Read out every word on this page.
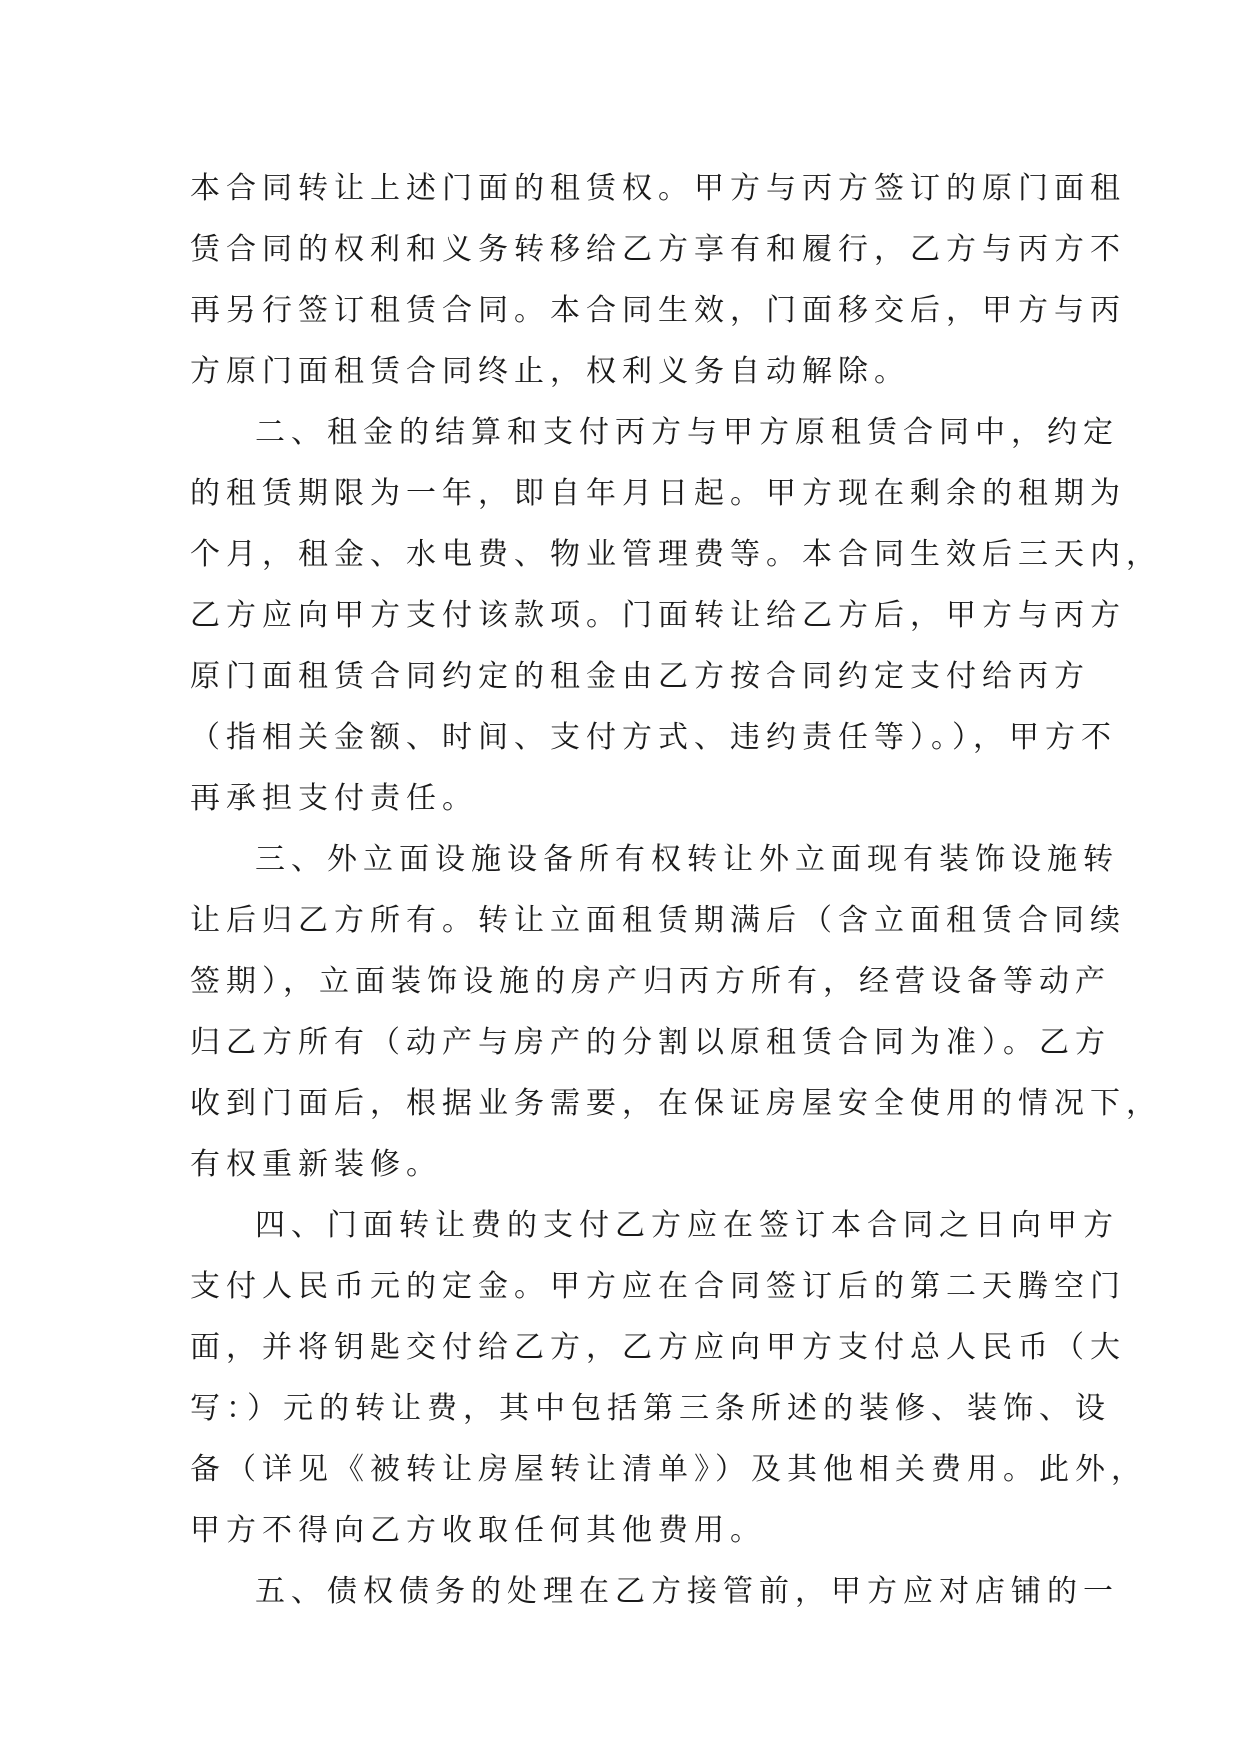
本合同转让上述门面的租赁权。甲方与丙方签订的原门面租
赁合同的权利和义务转移给乙方享有和履行，乙方与丙方不
再另行签订租赁合同。本合同生效，门面移交后，甲方与丙
方原门面租赁合同终止，权利义务自动解除。
二、租金的结算和支付丙方与甲方原租赁合同中，约定
的租赁期限为一年，即自年月日起。甲方现在剩余的租期为
个月，租金、水电费、物业管理费等。本合同生效后三天内，
乙方应向甲方支付该款项。门面转让给乙方后，甲方与丙方
原门面租赁合同约定的租金由乙方按合同约定支付给丙方
（指相关金额、时间、支付方式、违约责任等）。），甲方不
再承担支付责任。
三、外立面设施设备所有权转让外立面现有装饰设施转
让后归乙方所有。转让立面租赁期满后（含立面租赁合同续
签期），立面装饰设施的房产归丙方所有，经营设备等动产
归乙方所有（动产与房产的分割以原租赁合同为准）。乙方
收到门面后，根据业务需要，在保证房屋安全使用的情况下，
有权重新装修。
四、门面转让费的支付乙方应在签订本合同之日向甲方
支付人民币元的定金。甲方应在合同签订后的第二天腾空门
面，并将钥匙交付给乙方，乙方应向甲方支付总人民币（大
写：）元的转让费，其中包括第三条所述的装修、装饰、设
备（详见《被转让房屋转让清单》）及其他相关费用。此外，
甲方不得向乙方收取任何其他费用。
五、债权债务的处理在乙方接管前，甲方应对店铺的一
